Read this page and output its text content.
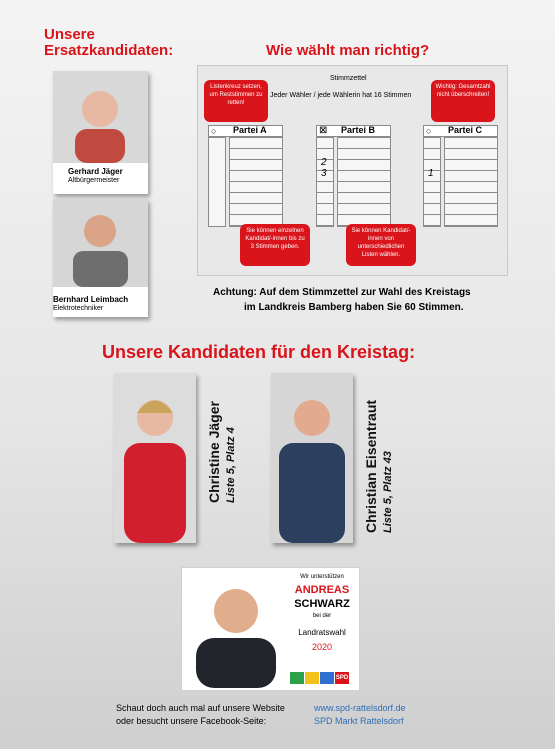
Unsere
Ersatzkandidaten:	Wie wählt man richtig?
Gerhard Jäger
Altbürgermeister
Bernhard Leimbach
Elektrotechniker
Stimmzettel
Jeder Wähler / jede Wählerin hat 16 Stimmen
Listenkreuz setzen, um Reststimmen zu retten!
Wichtig: Gesamtzahl nicht überschreiten!
○ Partei A	⊠ Partei B
2
3
○ Partei C
1
Sie können einzelnen Kandidat/-innen bis zu 3 Stimmen geben.
Sie können Kandidat/-innen von unterschiedlichen Listen wählen.
Achtung: Auf dem Stimmzettel zur Wahl des Kreistags
im Landkreis Bamberg haben Sie 60 Stimmen.
Unsere Kandidaten für den Kreistag:
Christine Jäger Liste 5, Platz 4	Christian Eisentraut Liste 5, Platz 43
Wir unterstützen
ANDREAS
SCHWARZ
bei der
Landratswahl
2020
SPD
Schaut doch auch mal auf unsere Website
oder besucht unsere Facebook-Seite:
www.spd-rattelsdorf.de
SPD Markt Rattelsdorf
